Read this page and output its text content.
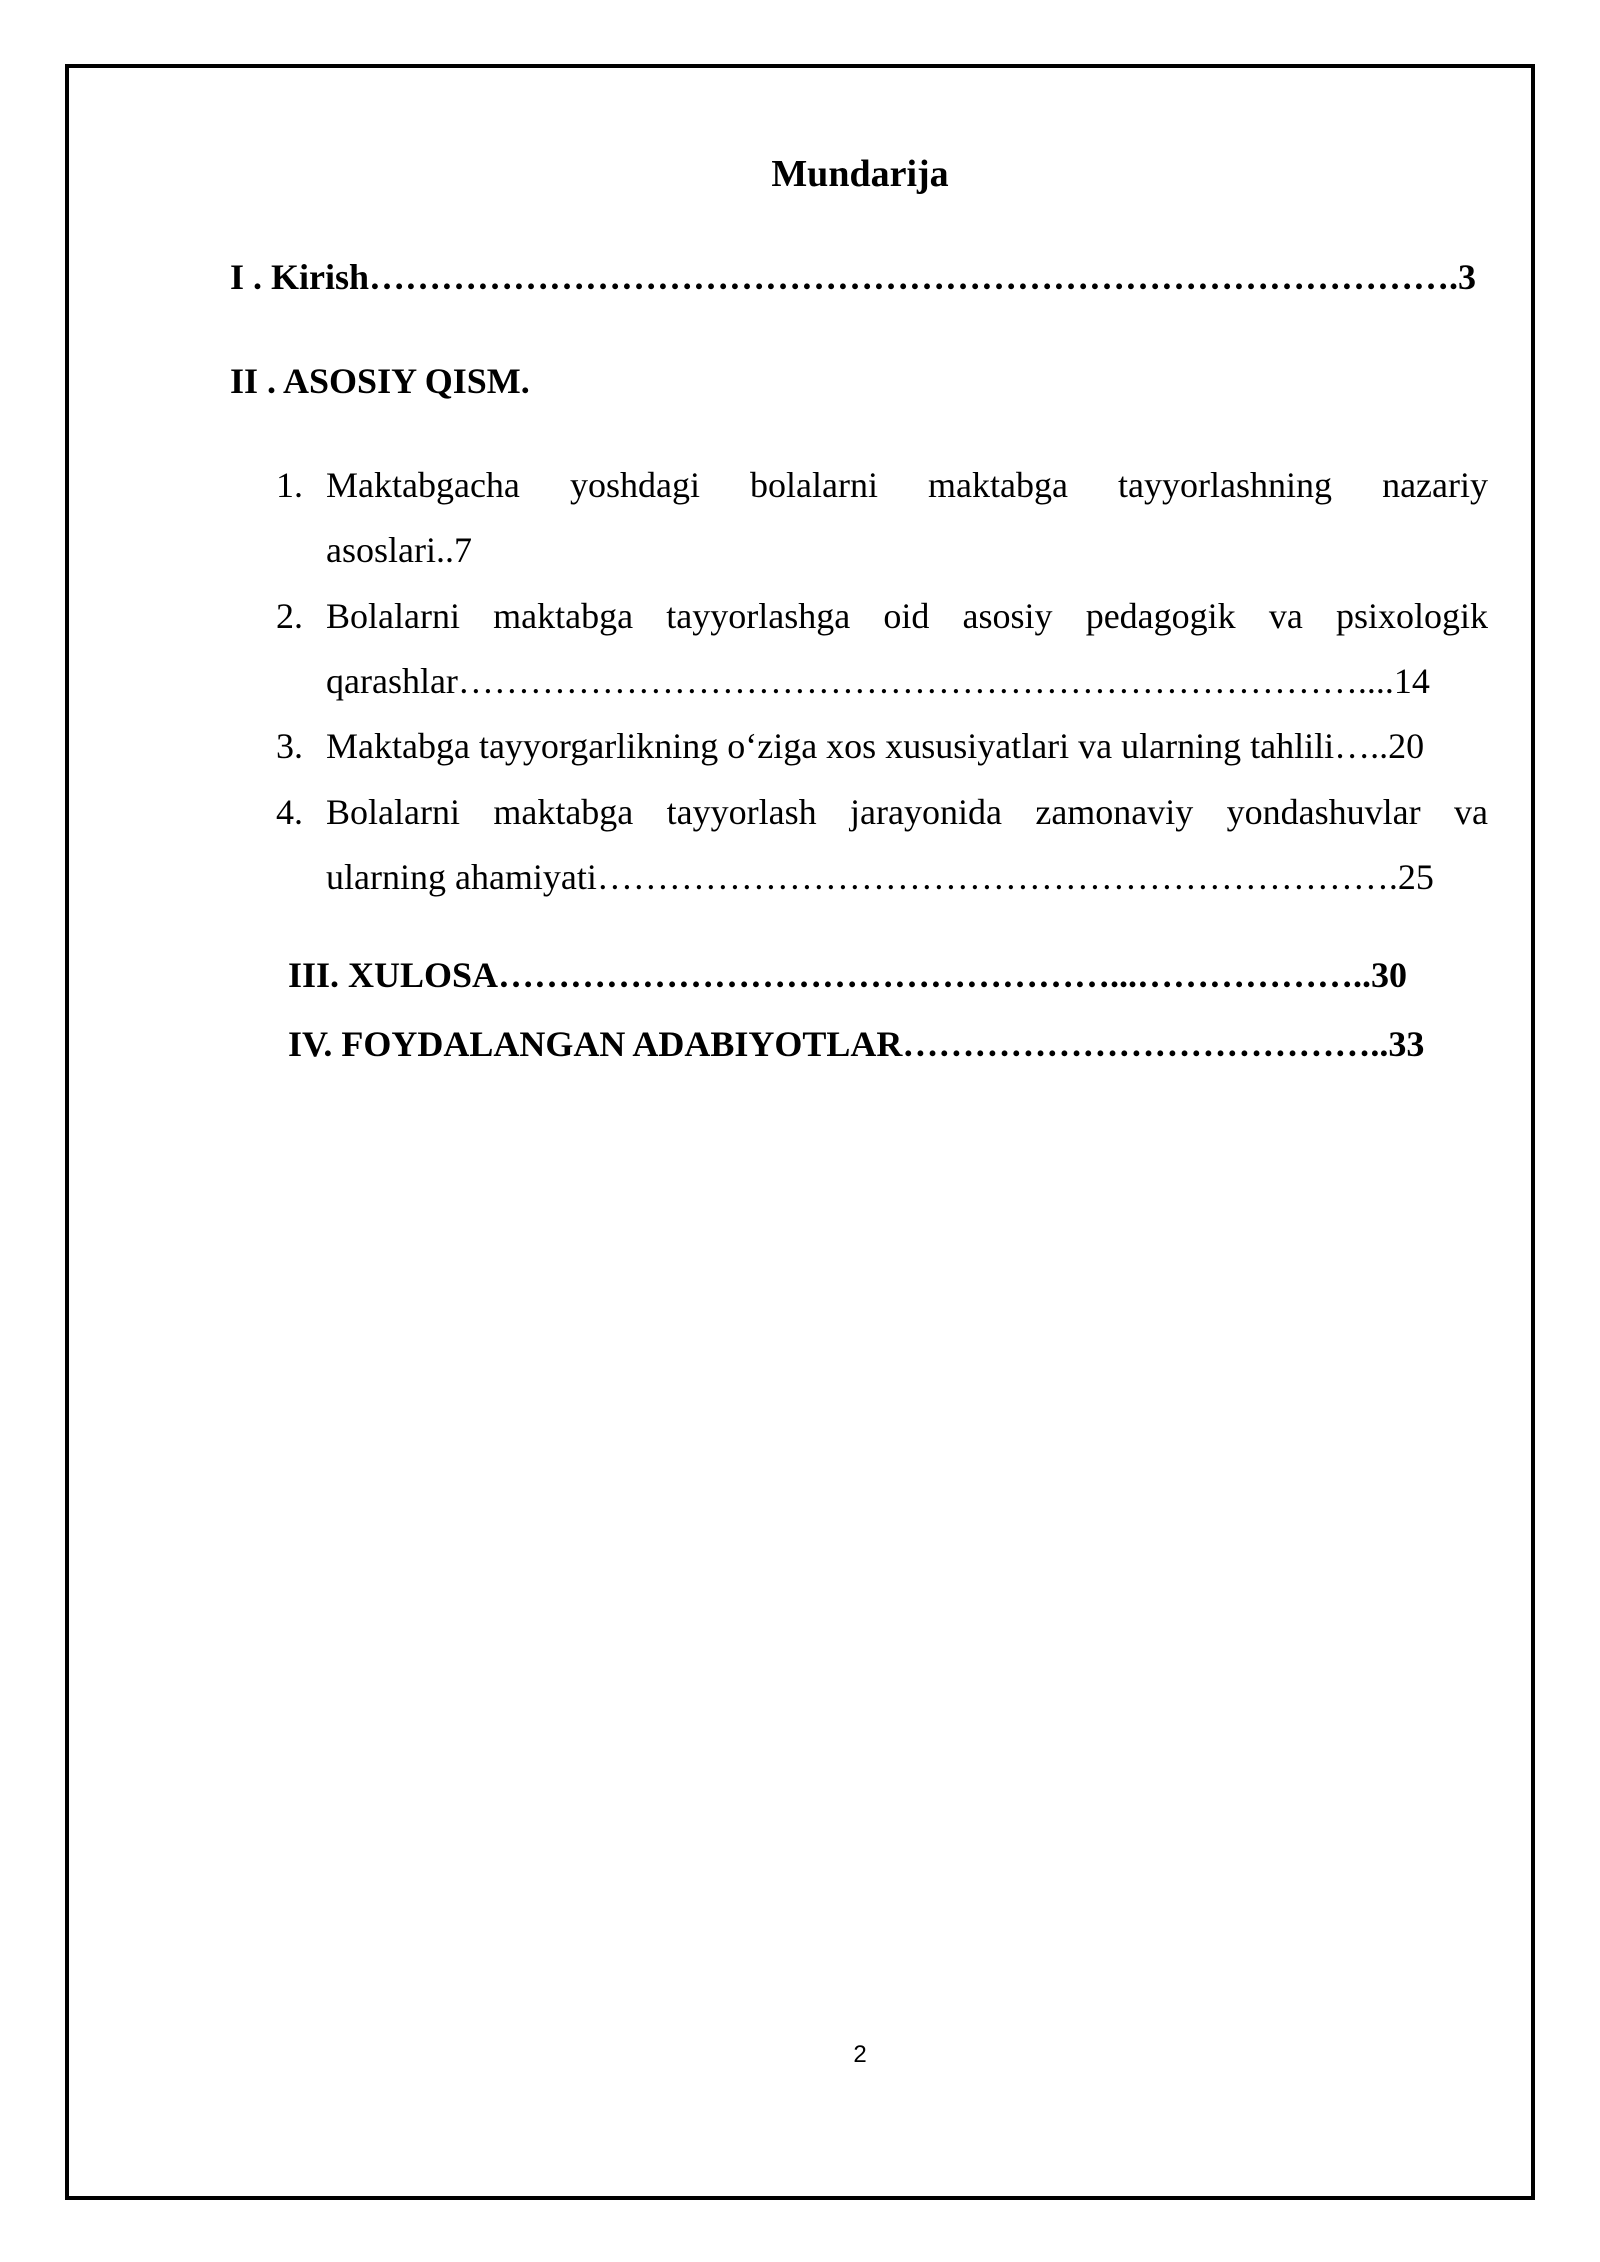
Mundarija

I . Kirish……………………………………………………………………………….3

II . ASOSIY QISM.

1. Maktabgacha yoshdagi bolalarni maktabga tayyorlashning nazariy
asoslari..7
2. Bolalarni maktabga tayyorlashga oid asosiy pedagogik va psixologik
qarashlar…………………………………………………………………....14
3. Maktabga tayyorgarlikning o‘ziga xos xususiyatlari va ularning tahlili…..20
4. Bolalarni maktabga tayyorlash jarayonida zamonaviy yondashuvlar va
ularning ahamiyati………………………………………………………….25

III. XULOSA……………………………………………...………………..30

IV. FOYDALANGAN ADABIYOTLAR…………………………………..33

2
